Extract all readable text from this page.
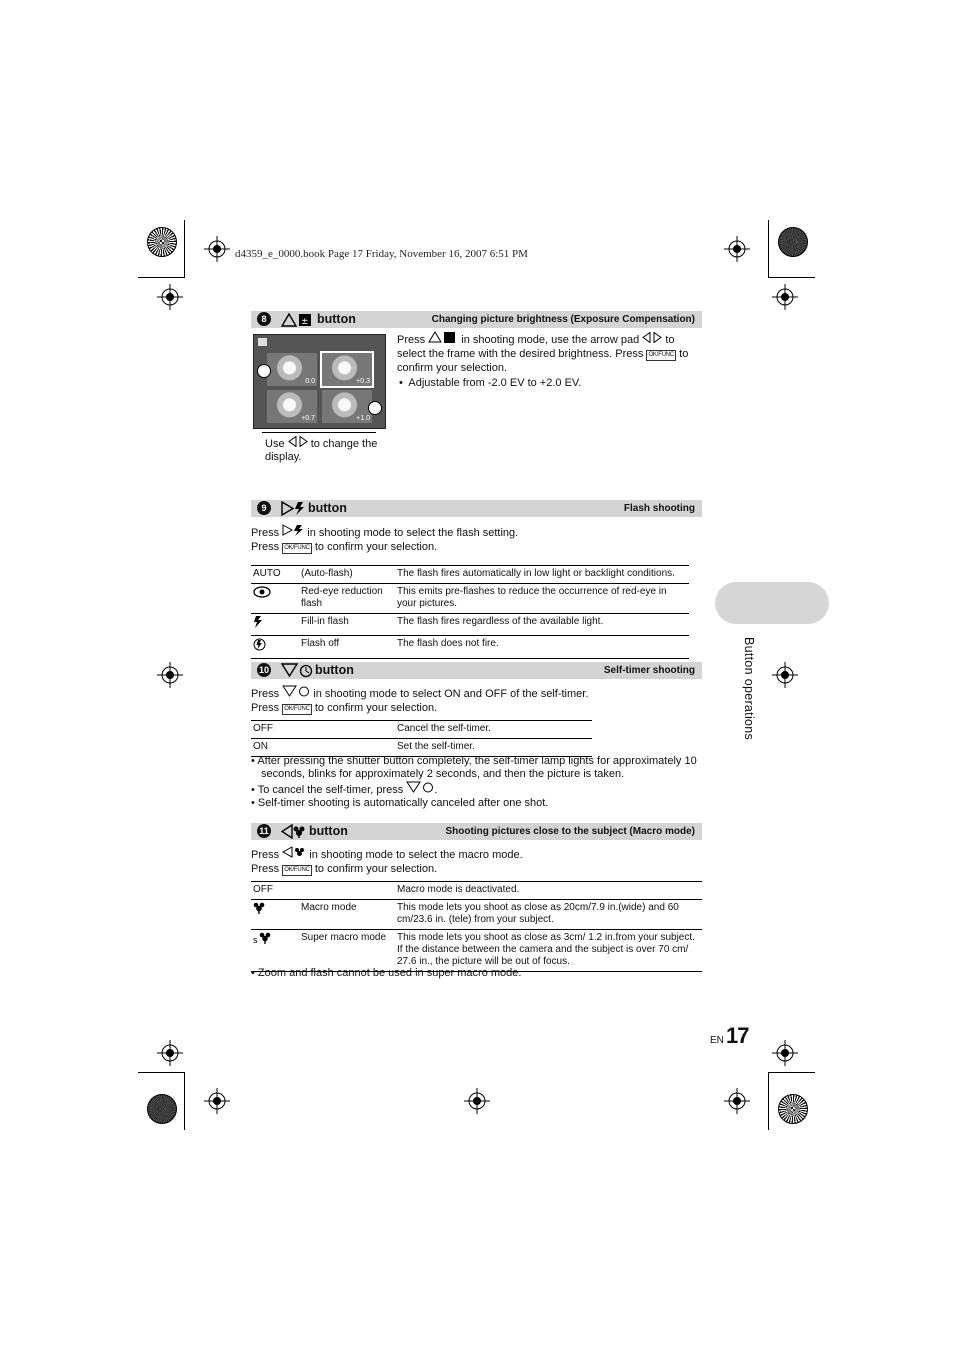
d4359_e_0000.book Page 17 Friday, November 16, 2007 6:51 PM
8	± button	Changing picture brightness (Exposure Compensation)
0.0	+0.3
+0.7	+1.0
Use to change the display.
Press	in shooting mode, use the arrow pad to select the frame with the desired brightness. Press OK/FUNC to confirm your selection.
•  Adjustable from -2.0 EV to +2.0 EV.
9	button	Flash shooting
Press	in shooting mode to select the flash setting.
Press OK/FUNC to confirm your selection.
AUTO	(Auto-flash)	The flash fires automatically in low light or backlight conditions.
	Red-eye reduction flash	This emits pre-flashes to reduce the occurrence of red-eye in your pictures.
	Fill-in flash	The flash fires regardless of the available light.
	Flash off	The flash does not fire.	Button operations
10	button	Self-timer shooting
Press	in shooting mode to select ON and OFF of the self-timer.
Press OK/FUNC to confirm your selection.
OFF	Cancel the self-timer.
ON	Set the self-timer.
• After pressing the shutter button completely, the self-timer lamp lights for approximately 10 seconds, blinks for approximately 2 seconds, and then the picture is taken.
• To cancel the self-timer, press	.
• Self-timer shooting is automatically canceled after one shot.
11	button	Shooting pictures close to the subject (Macro mode)
Press	in shooting mode to select the macro mode.
Press OK/FUNC to confirm your selection.
OFF		Macro mode is deactivated.
	Macro mode	This mode lets you shoot as close as 20cm/7.9 in.(wide) and 60 cm/23.6 in. (tele) from your subject.

s	Super macro mode	This mode lets you shoot as close as 3cm/ 1.2 in.from your subject. If the distance between the camera and the subject is over 70 cm/ 27.6 in., the picture will be out of focus.
• Zoom and flash cannot be used in super macro mode.
EN 17
